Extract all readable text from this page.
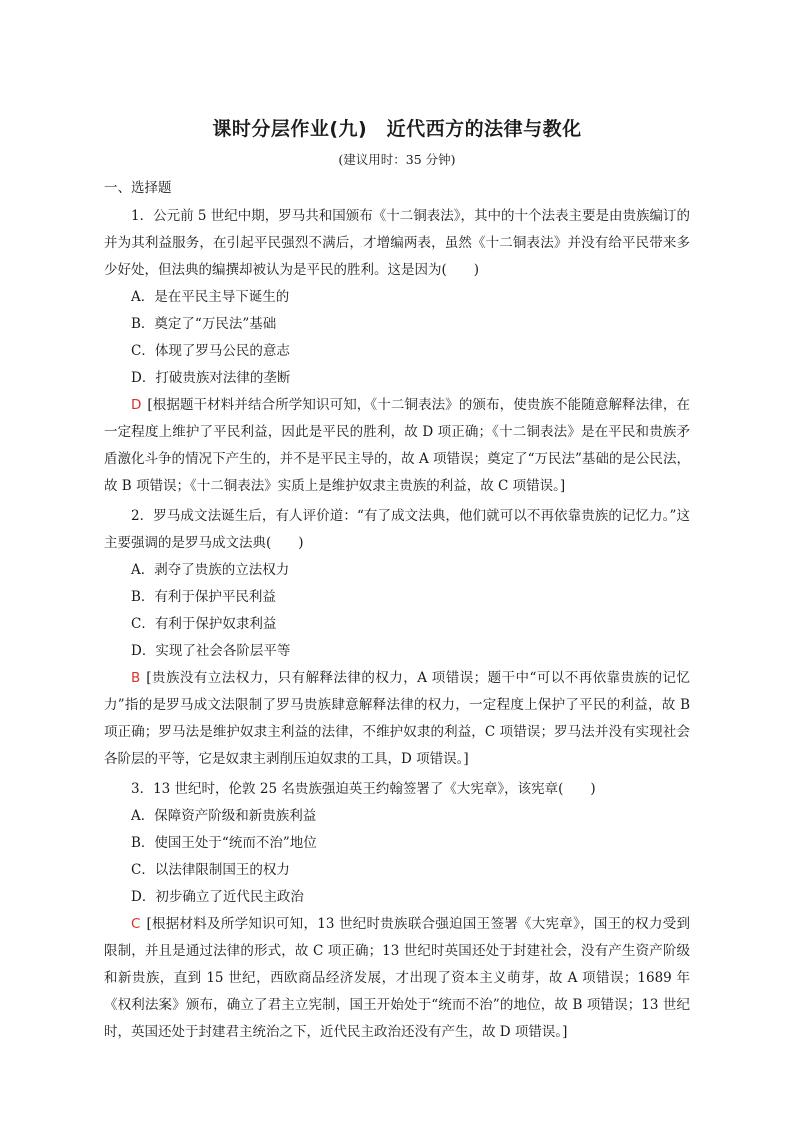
课时分层作业(九)　近代西方的法律与教化
(建议用时：35 分钟)
一、选择题
1．公元前 5 世纪中期，罗马共和国颁布《十二铜表法》，其中的十个法表主要是由贵族编订的并为其利益服务，在引起平民强烈不满后，才增编两表，虽然《十二铜表法》并没有给平民带来多少好处，但法典的编撰却被认为是平民的胜利。这是因为(　　)
A．是在平民主导下诞生的
B．奠定了“万民法”基础
C．体现了罗马公民的意志
D．打破贵族对法律的垄断
D [根据题干材料并结合所学知识可知，《十二铜表法》的颁布，使贵族不能随意解释法律，在一定程度上维护了平民利益，因此是平民的胜利，故 D 项正确；《十二铜表法》是在平民和贵族矛盾激化斗争的情况下产生的，并不是平民主导的，故 A 项错误；奠定了“万民法”基础的是公民法，故 B 项错误；《十二铜表法》实质上是维护奴隶主贵族的利益，故 C 项错误。]
2．罗马成文法诞生后，有人评价道：“有了成文法典，他们就可以不再依靠贵族的记忆力。”这主要强调的是罗马成文法典(　　)
A．剥夺了贵族的立法权力
B．有利于保护平民利益
C．有利于保护奴隶利益
D．实现了社会各阶层平等
B [贵族没有立法权力，只有解释法律的权力，A 项错误；题干中“可以不再依靠贵族的记忆力”指的是罗马成文法限制了罗马贵族肆意解释法律的权力，一定程度上保护了平民的利益，故 B 项正确；罗马法是维护奴隶主利益的法律，不维护奴隶的利益，C 项错误；罗马法并没有实现社会各阶层的平等，它是奴隶主剥削压迫奴隶的工具，D 项错误。]
3．13 世纪时，伦敦 25 名贵族强迫英王约翰签署了《大宪章》，该宪章(　　)
A．保障资产阶级和新贵族利益
B．使国王处于“统而不治”地位
C．以法律限制国王的权力
D．初步确立了近代民主政治
C [根据材料及所学知识可知，13 世纪时贵族联合强迫国王签署《大宪章》，国王的权力受到限制，并且是通过法律的形式，故 C 项正确；13 世纪时英国还处于封建社会，没有产生资产阶级和新贵族，直到 15 世纪，西欧商品经济发展，才出现了资本主义萌芽，故 A 项错误；1689 年《权利法案》颁布，确立了君主立宪制，国王开始处于“统而不治”的地位，故 B 项错误；13 世纪时，英国还处于封建君主统治之下，近代民主政治还没有产生，故 D 项错误。]
